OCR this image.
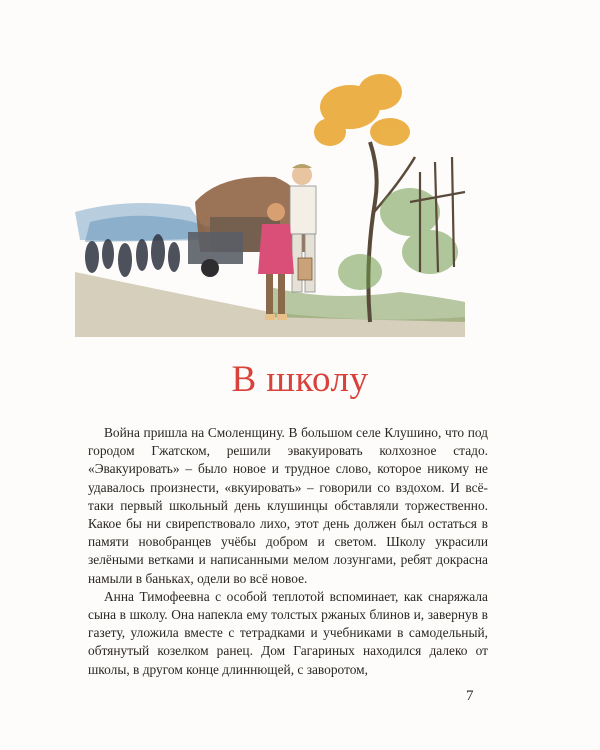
В школу

Война пришла на Смоленщину. В большом селе Клушино, что под городом Гжатском, решили эвакуировать колхозное стадо. «Эвакуировать» – было новое и трудное слово, которое никому не удавалось произнести, «вкуировать» – говорили со вздохом. И всё-таки первый школьный день клушинцы обставляли торжественно. Какое бы ни свирепствовало лихо, этот день должен был остаться в памяти новобранцев учёбы добром и светом. Школу украсили зелёными ветками и написанными мелом лозунгами, ребят докрасна намыли в баньках, одели во всё новое.

Анна Тимофеевна с особой теплотой вспоминает, как снаряжала сына в школу. Она напекла ему толстых ржаных блинов и, завернув в газету, уложила вместе с тетрадками и учебниками в самодельный, обтянутый козелком ранец. Дом Гагариных находился далеко от школы, в другом конце длиннющей, с заворотом,

7
